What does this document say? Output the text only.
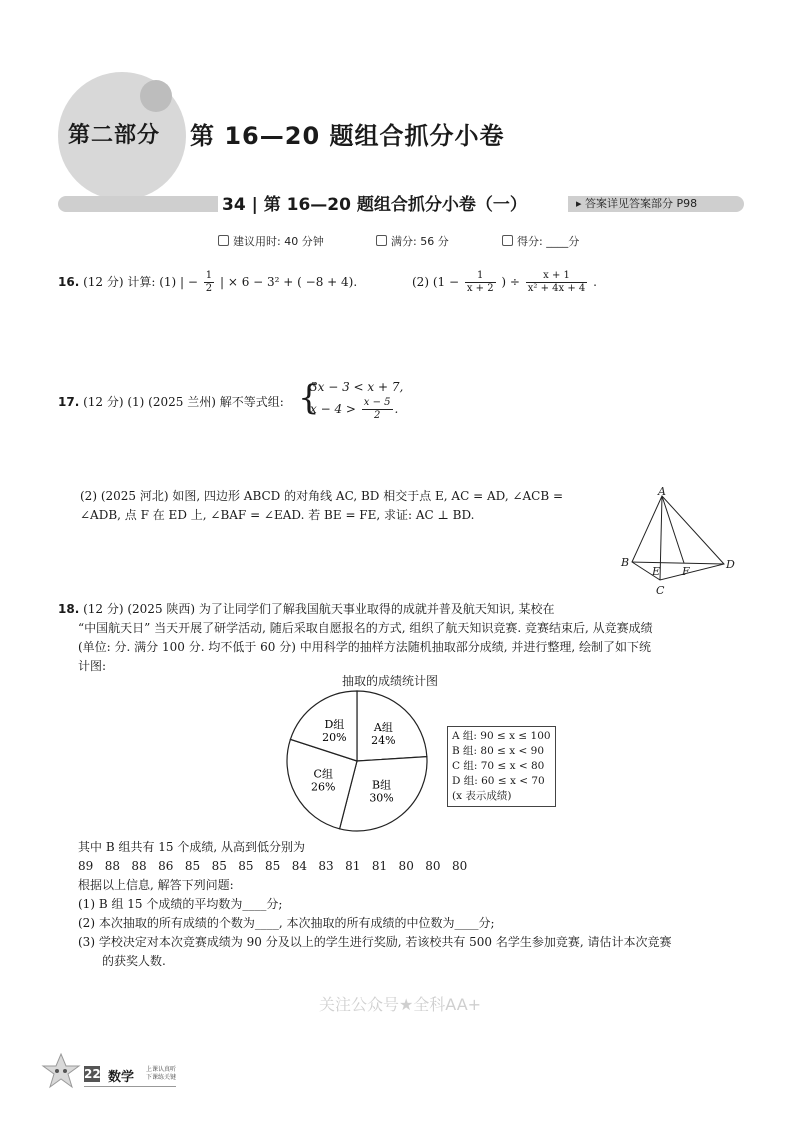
第二部分 第 16—20 题组合抓分小卷
34 | 第 16—20 题组合抓分小卷（一）	▸ 答案详见答案部分 P98
建议用时: 40 分钟	满分: 56 分	得分: ____分
16. (12 分) 计算: (1) | − $\frac{1}{2}$ | × 6 − 3² + ( −8 + 4).	(2) ($1 - \frac{1}{x + 2}$ ) ÷ $\frac{x + 1}{\text{x² + 4x + 4}}$ .
17. (12 分) (1) (2025 兰州) 解不等式组: {
3x − 3 < x + 7,
$x - 4 > \frac{x - 5}{2}$ .
(2) (2025 河北) 如图, 四边形 ABCD 的对角线 AC, BD 相交于点 E, AC = AD, ∠ACB =
∠ADB, 点 F 在 ED 上, ∠BAF = ∠EAD. 若 BE = FE, 求证: AC ⊥ BD.
A
B
E F
D
C
18. (12 分) (2025 陕西) 为了让同学们了解我国航天事业取得的成就并普及航天知识, 某校在
“中国航天日” 当天开展了研学活动, 随后采取自愿报名的方式, 组织了航天知识竞赛. 竞赛结束后, 从竞赛成绩
(单位: 分. 满分 100 分. 均不低于 60 分) 中用科学的抽样方法随机抽取部分成绩, 并进行整理, 绘制了如下统
计图:
抽取的成绩统计图
A组
24%
B组
30%
C组
26%
D组
20%	A 组: 90 ≤ x ≤ 100
B 组: 80 ≤ x < 90
C 组: 70 ≤ x < 80
D 组: 60 ≤ x < 70
(x 表示成绩)
其中 B 组共有 15 个成绩, 从高到低分别为
89   88   88   86   85   85   85   85   84   83   81   81   80   80   80
根据以上信息, 解答下列问题:
(1) B 组 15 个成绩的平均数为____分;
(2) 本次抽取的所有成绩的个数为____, 本次抽取的所有成绩的中位数为____分;
(3) 学校决定对本次竞赛成绩为 90 分及以上的学生进行奖励, 若该校共有 500 名学生参加竞赛, 请估计本次竞赛
的获奖人数.
关注公众号★全科AA+
22 数学
上课认真听
下课练关键
